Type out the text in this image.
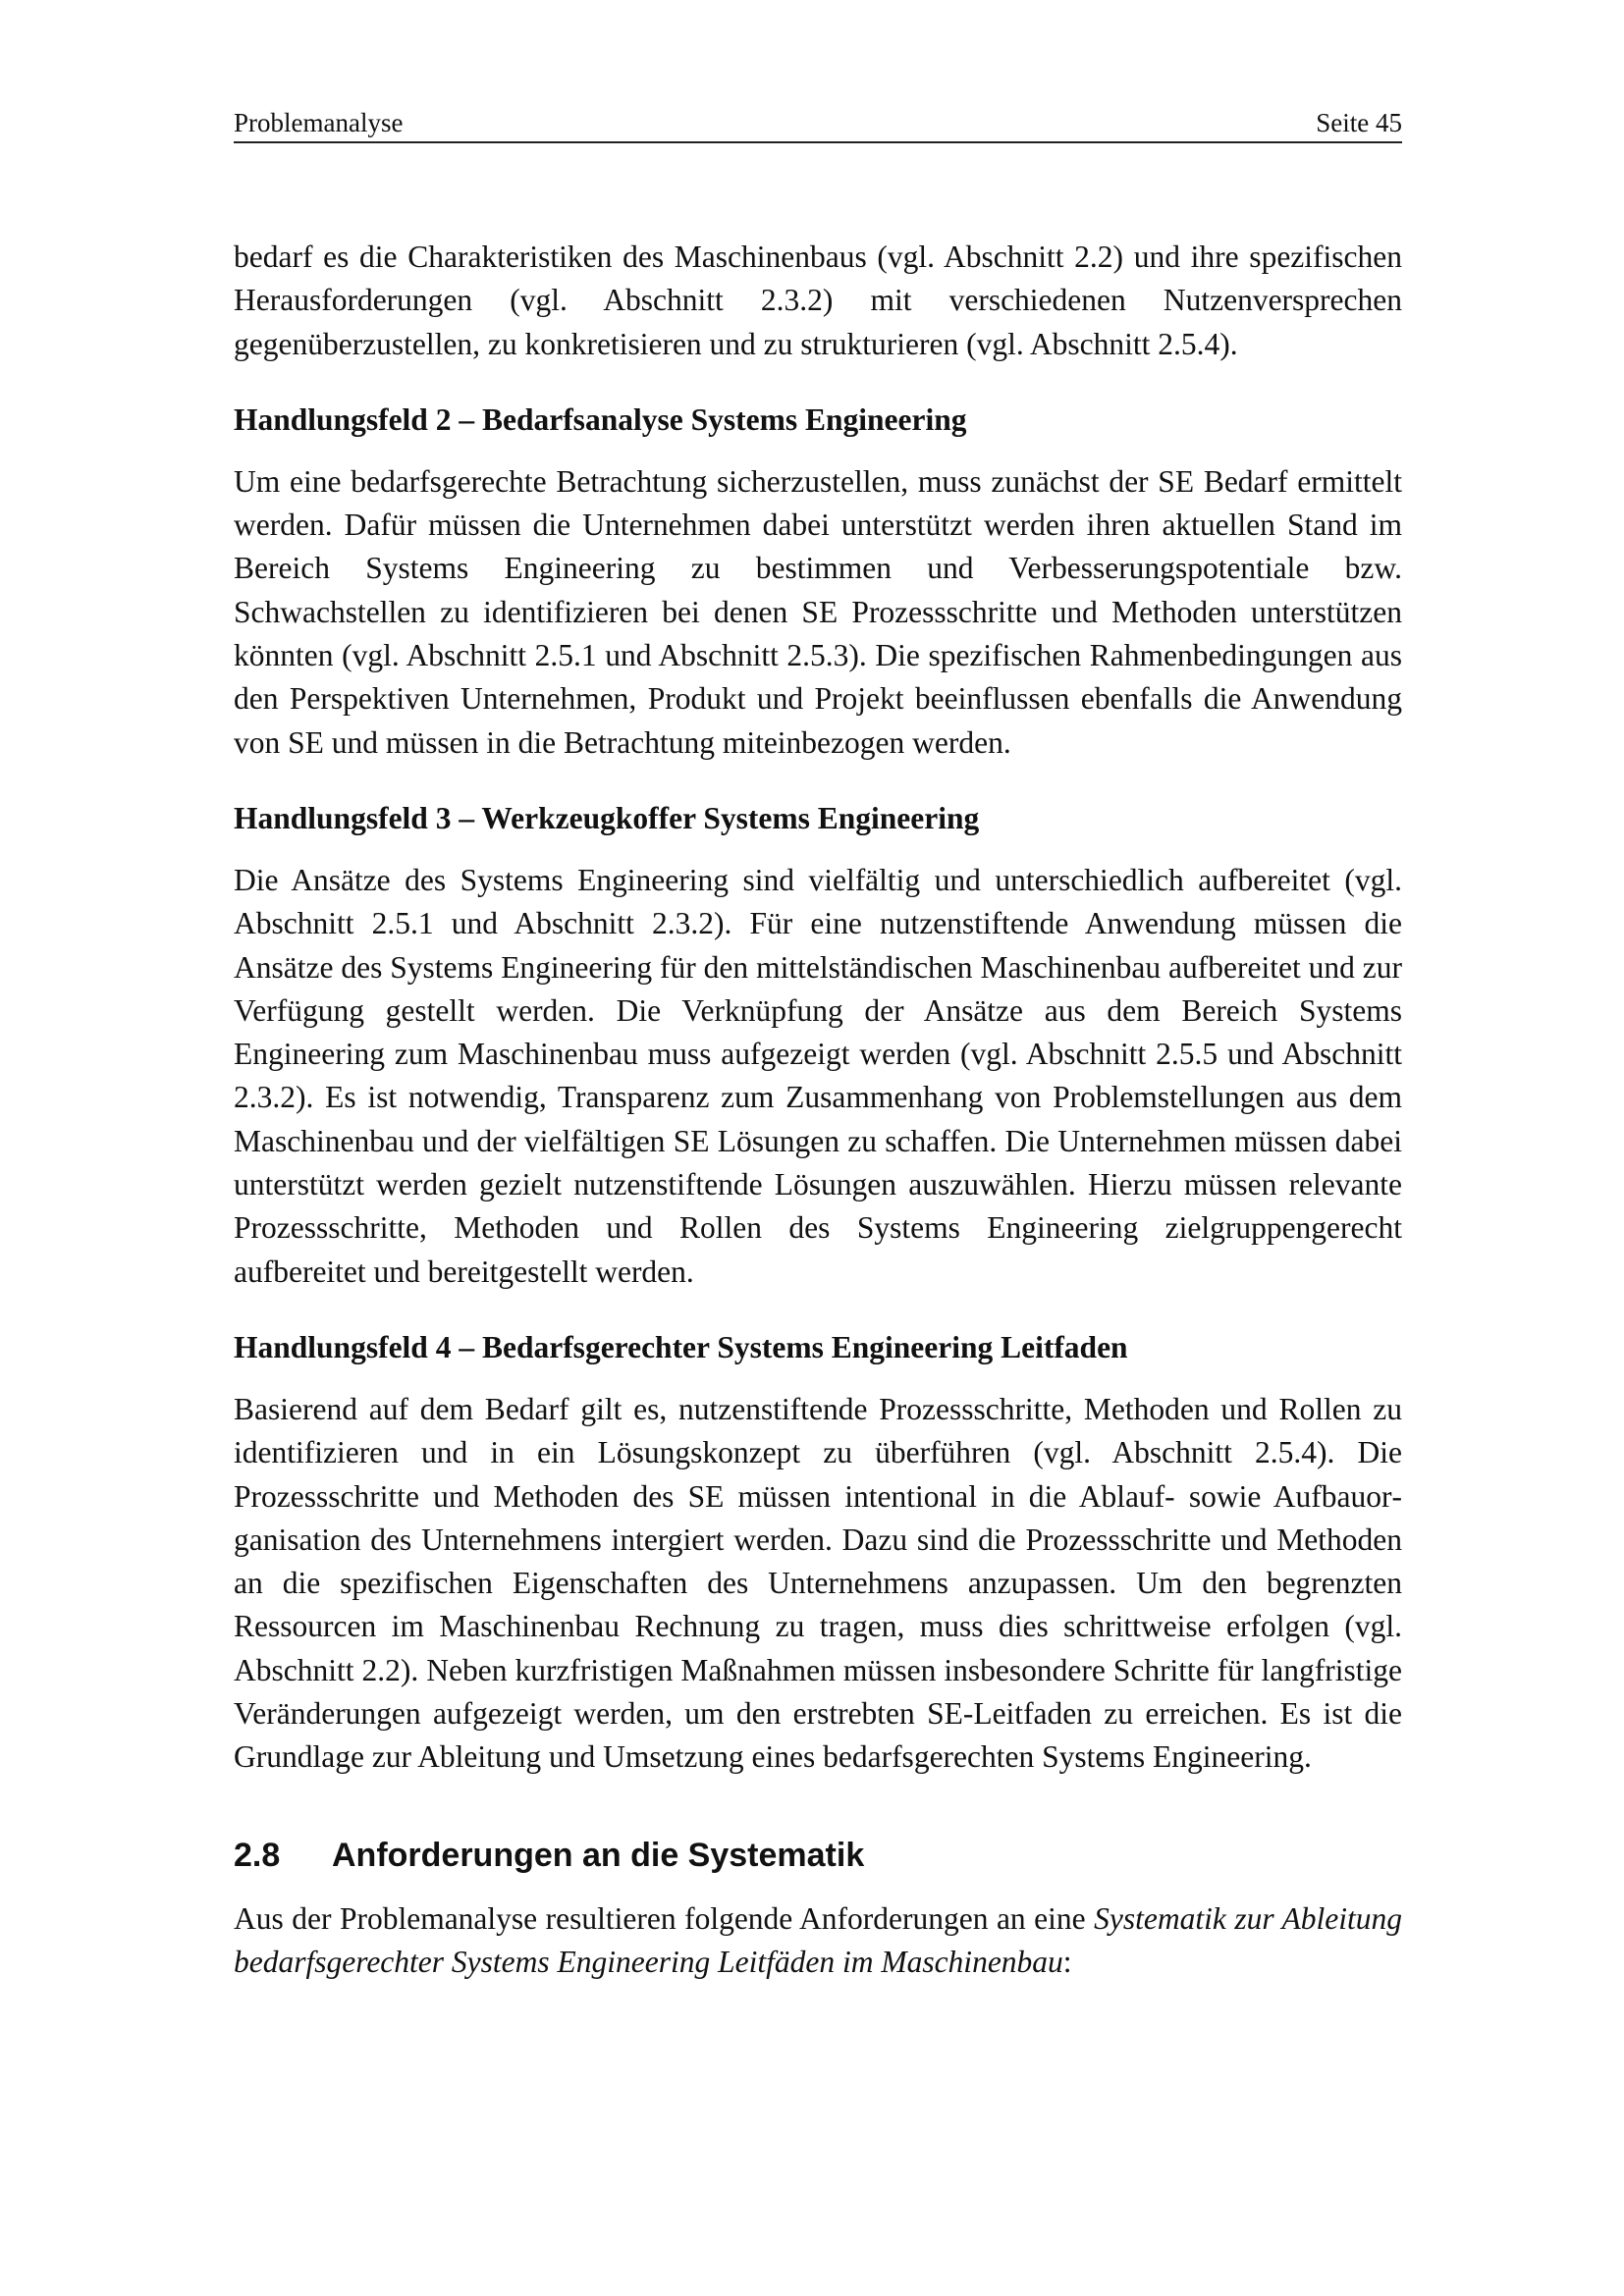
Problemanalyse	Seite 45

bedarf es die Charakteristiken des Maschinenbaus (vgl. Abschnitt 2.2) und ihre spezifischen Herausforderungen (vgl. Abschnitt 2.3.2) mit verschiedenen Nutzenversprechen gegenüberzustellen, zu konkretisieren und zu strukturieren (vgl. Abschnitt 2.5.4).

Handlungsfeld 2 – Bedarfsanalyse Systems Engineering

Um eine bedarfsgerechte Betrachtung sicherzustellen, muss zunächst der SE Bedarf ermittelt werden. Dafür müssen die Unternehmen dabei unterstützt werden ihren aktuellen Stand im Bereich Systems Engineering zu bestimmen und Verbesserungspotentiale bzw. Schwachstellen zu identifizieren bei denen SE Prozessschritte und Methoden unterstützen könnten (vgl. Abschnitt 2.5.1 und Abschnitt 2.5.3). Die spezifischen Rahmenbedingungen aus den Perspektiven Unternehmen, Produkt und Projekt beeinflussen ebenfalls die Anwendung von SE und müssen in die Betrachtung miteinbezogen werden.

Handlungsfeld 3 – Werkzeugkoffer Systems Engineering

Die Ansätze des Systems Engineering sind vielfältig und unterschiedlich aufbereitet (vgl. Abschnitt 2.5.1 und Abschnitt 2.3.2). Für eine nutzenstiftende Anwendung müssen die Ansätze des Systems Engineering für den mittelständischen Maschinenbau aufbereitet und zur Verfügung gestellt werden. Die Verknüpfung der Ansätze aus dem Bereich Systems Engineering zum Maschinenbau muss aufgezeigt werden (vgl. Abschnitt 2.5.5 und Abschnitt 2.3.2). Es ist notwendig, Transparenz zum Zusammenhang von Problemstellungen aus dem Maschinenbau und der vielfältigen SE Lösungen zu schaffen. Die Unternehmen müssen dabei unterstützt werden gezielt nutzenstiftende Lösungen auszuwählen. Hierzu müssen relevante Prozessschritte, Methoden und Rollen des Systems Engineering zielgruppengerecht aufbereitet und bereitgestellt werden.

Handlungsfeld 4 – Bedarfsgerechter Systems Engineering Leitfaden

Basierend auf dem Bedarf gilt es, nutzenstiftende Prozessschritte, Methoden und Rollen zu identifizieren und in ein Lösungskonzept zu überführen (vgl. Abschnitt 2.5.4). Die Prozessschritte und Methoden des SE müssen intentional in die Ablauf- sowie Aufbauorganisation des Unternehmens intergiert werden. Dazu sind die Prozessschritte und Methoden an die spezifischen Eigenschaften des Unternehmens anzupassen. Um den begrenzten Ressourcen im Maschinenbau Rechnung zu tragen, muss dies schrittweise erfolgen (vgl. Abschnitt 2.2). Neben kurzfristigen Maßnahmen müssen insbesondere Schritte für langfristige Veränderungen aufgezeigt werden, um den erstrebten SE-Leitfaden zu erreichen. Es ist die Grundlage zur Ableitung und Umsetzung eines bedarfsgerechten Systems Engineering.

2.8 Anforderungen an die Systematik

Aus der Problemanalyse resultieren folgende Anforderungen an eine Systematik zur Ableitung bedarfsgerechter Systems Engineering Leitfäden im Maschinenbau:
